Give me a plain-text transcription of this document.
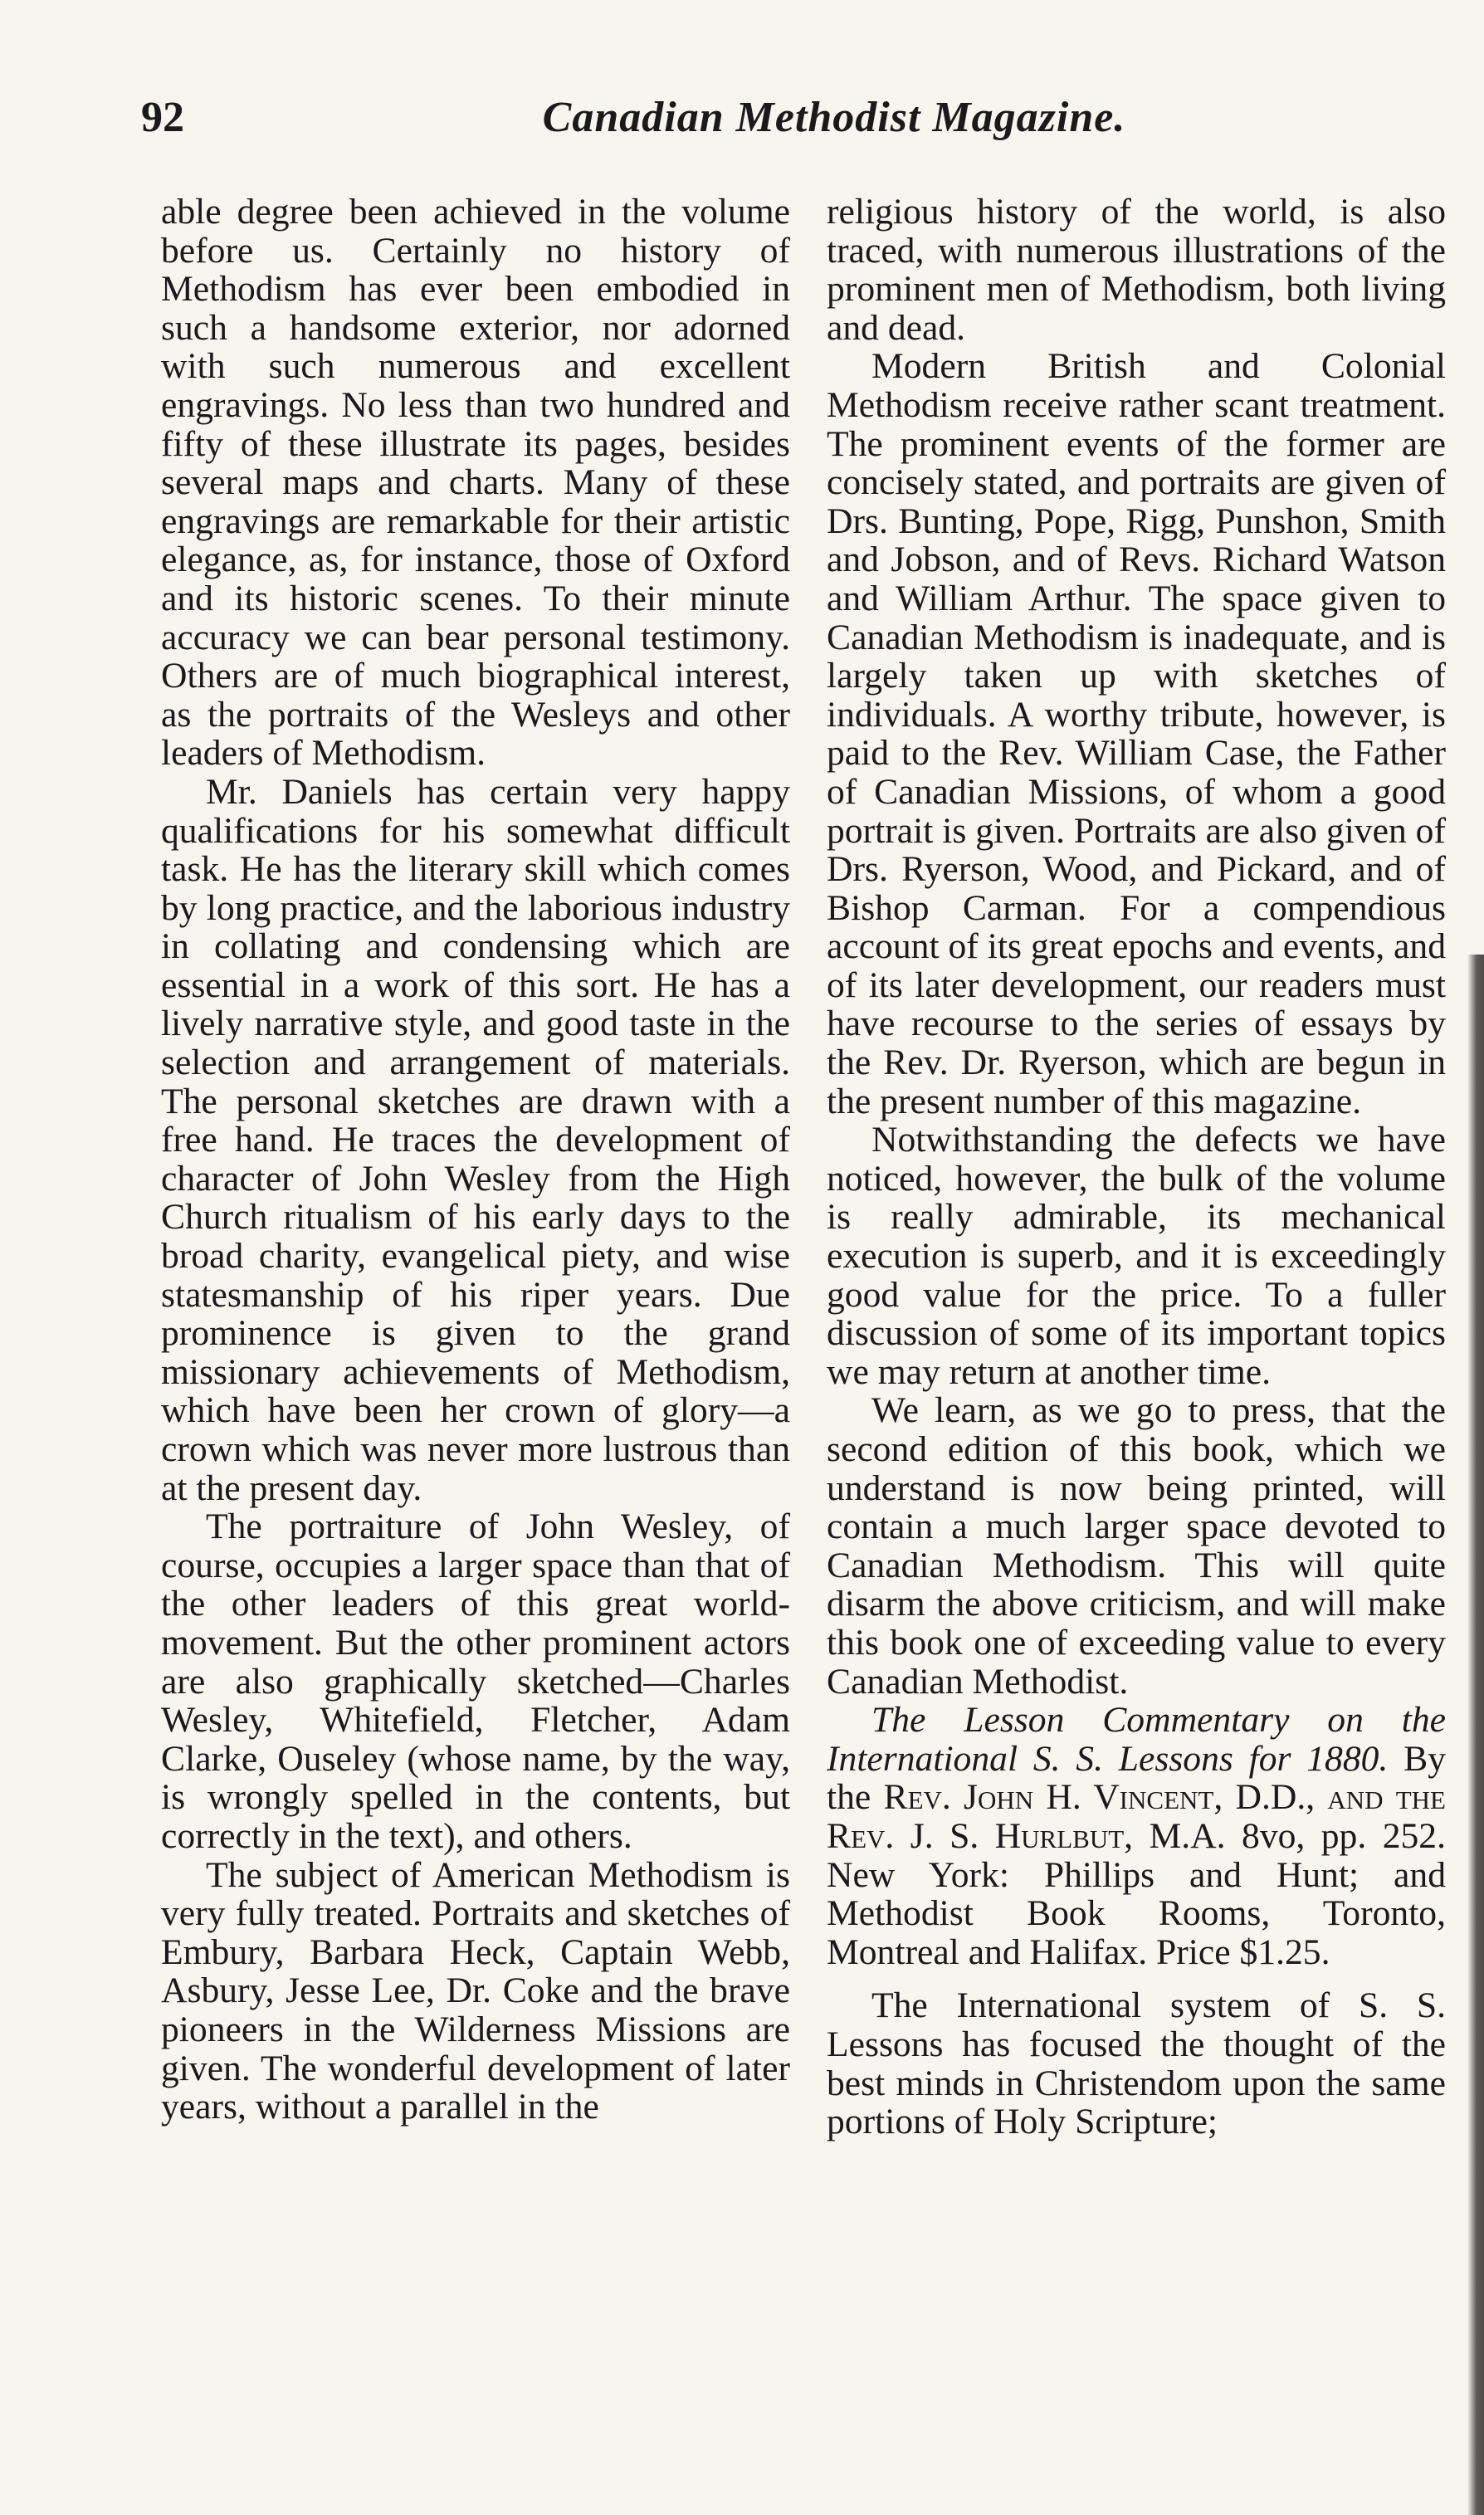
92	Canadian Methodist Magazine.

able degree been achieved in the volume before us. Certainly no history of Methodism has ever been embodied in such a handsome exterior, nor adorned with such numerous and excellent engravings. No less than two hundred and fifty of these illustrate its pages, besides several maps and charts. Many of these engravings are remarkable for their artistic elegance, as, for instance, those of Oxford and its historic scenes. To their minute accuracy we can bear personal testimony. Others are of much biographical interest, as the portraits of the Wesleys and other leaders of Methodism.

Mr. Daniels has certain very happy qualifications for his somewhat difficult task. He has the literary skill which comes by long practice, and the laborious industry in collating and condensing which are essential in a work of this sort. He has a lively narrative style, and good taste in the selection and arrangement of materials. The personal sketches are drawn with a free hand. He traces the development of character of John Wesley from the High Church ritualism of his early days to the broad charity, evangelical piety, and wise statesmanship of his riper years. Due prominence is given to the grand missionary achievements of Methodism, which have been her crown of glory—a crown which was never more lustrous than at the present day.

The portraiture of John Wesley, of course, occupies a larger space than that of the other leaders of this great world-movement. But the other prominent actors are also graphically sketched—Charles Wesley, Whitefield, Fletcher, Adam Clarke, Ouseley (whose name, by the way, is wrongly spelled in the contents, but correctly in the text), and others.

The subject of American Methodism is very fully treated. Portraits and sketches of Embury, Barbara Heck, Captain Webb, Asbury, Jesse Lee, Dr. Coke and the brave pioneers in the Wilderness Missions are given. The wonderful development of later years, without a parallel in the

religious history of the world, is also traced, with numerous illustrations of the prominent men of Methodism, both living and dead.

Modern British and Colonial Methodism receive rather scant treatment. The prominent events of the former are concisely stated, and portraits are given of Drs. Bunting, Pope, Rigg, Punshon, Smith and Jobson, and of Revs. Richard Watson and William Arthur. The space given to Canadian Methodism is inadequate, and is largely taken up with sketches of individuals. A worthy tribute, however, is paid to the Rev. William Case, the Father of Canadian Missions, of whom a good portrait is given. Portraits are also given of Drs. Ryerson, Wood, and Pickard, and of Bishop Carman. For a compendious account of its great epochs and events, and of its later development, our readers must have recourse to the series of essays by the Rev. Dr. Ryerson, which are begun in the present number of this magazine.

Notwithstanding the defects we have noticed, however, the bulk of the volume is really admirable, its mechanical execution is superb, and it is exceedingly good value for the price. To a fuller discussion of some of its important topics we may return at another time.

We learn, as we go to press, that the second edition of this book, which we understand is now being printed, will contain a much larger space devoted to Canadian Methodism. This will quite disarm the above criticism, and will make this book one of exceeding value to every Canadian Methodist.

The Lesson Commentary on the International S. S. Lessons for 1880. By the Rev. John H. Vincent, D.D., and the Rev. J. S. Hurlbut, M.A. 8vo, pp. 252. New York: Phillips and Hunt; and Methodist Book Rooms, Toronto, Montreal and Halifax. Price $1.25.

The International system of S. S. Lessons has focused the thought of the best minds in Christendom upon the same portions of Holy Scripture;
